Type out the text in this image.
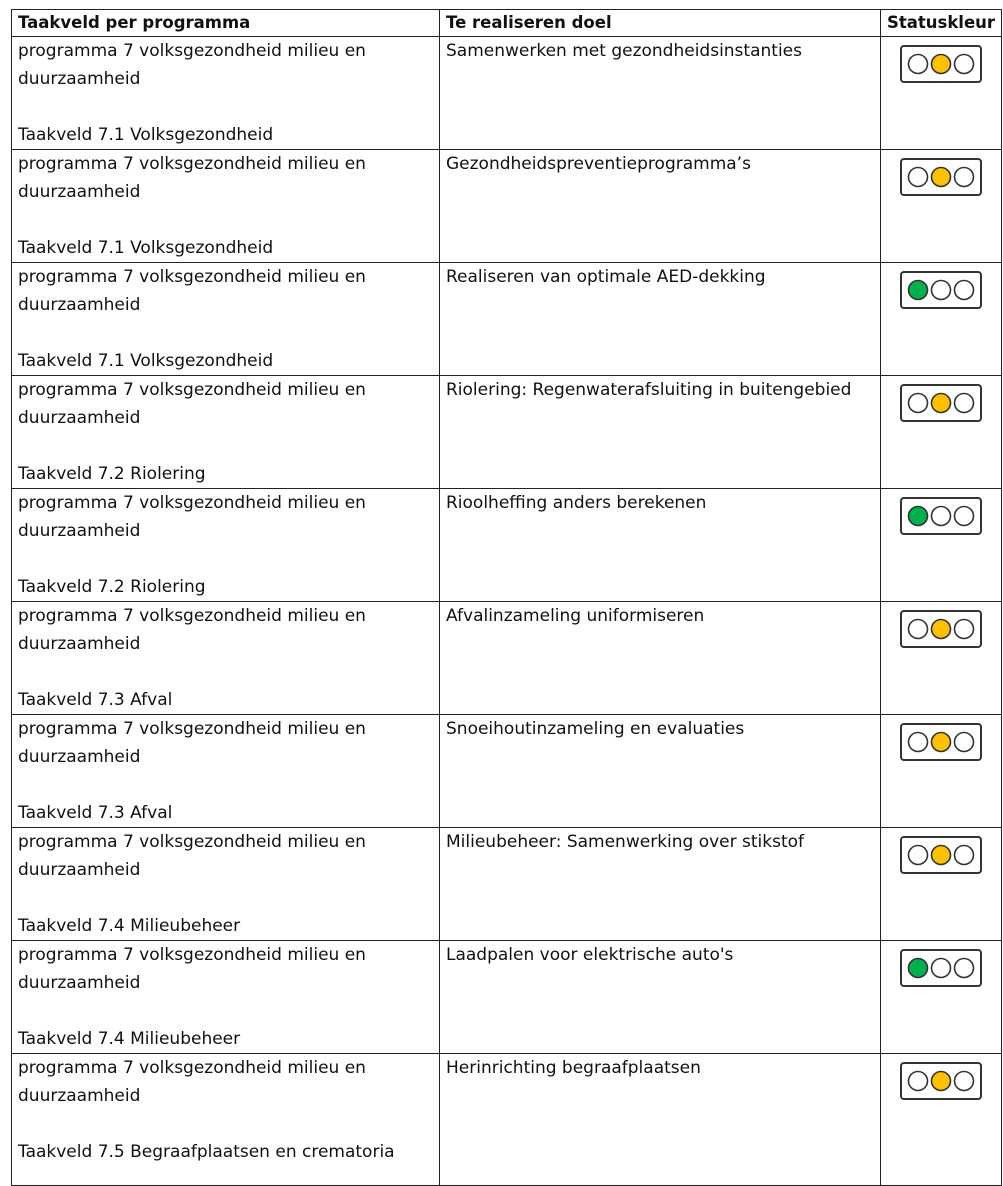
Taakveld per programma	Te realiseren doel	Statuskleur
programma 7 volksgezondheid milieu en duurzaamheid
Taakveld 7.1 Volksgezondheid	Samenwerken met gezondheidsinstanties	

programma 7 volksgezondheid milieu en duurzaamheid
Taakveld 7.1 Volksgezondheid	Gezondheidspreventieprogramma’s	

programma 7 volksgezondheid milieu en duurzaamheid
Taakveld 7.1 Volksgezondheid	Realiseren van optimale AED-dekking	

programma 7 volksgezondheid milieu en duurzaamheid
Taakveld 7.2 Riolering	Riolering: Regenwaterafsluiting in buitengebied	

programma 7 volksgezondheid milieu en duurzaamheid
Taakveld 7.2 Riolering	Rioolheffing anders berekenen	

programma 7 volksgezondheid milieu en duurzaamheid
Taakveld 7.3 Afval	Afvalinzameling uniformiseren	

programma 7 volksgezondheid milieu en duurzaamheid
Taakveld 7.3 Afval	Snoeihoutinzameling en evaluaties	

programma 7 volksgezondheid milieu en duurzaamheid
Taakveld 7.4 Milieubeheer	Milieubeheer: Samenwerking over stikstof	

programma 7 volksgezondheid milieu en duurzaamheid
Taakveld 7.4 Milieubeheer	Laadpalen voor elektrische auto's	

programma 7 volksgezondheid milieu en duurzaamheid
Taakveld 7.5 Begraafplaatsen en crematoria	Herinrichting begraafplaatsen	
